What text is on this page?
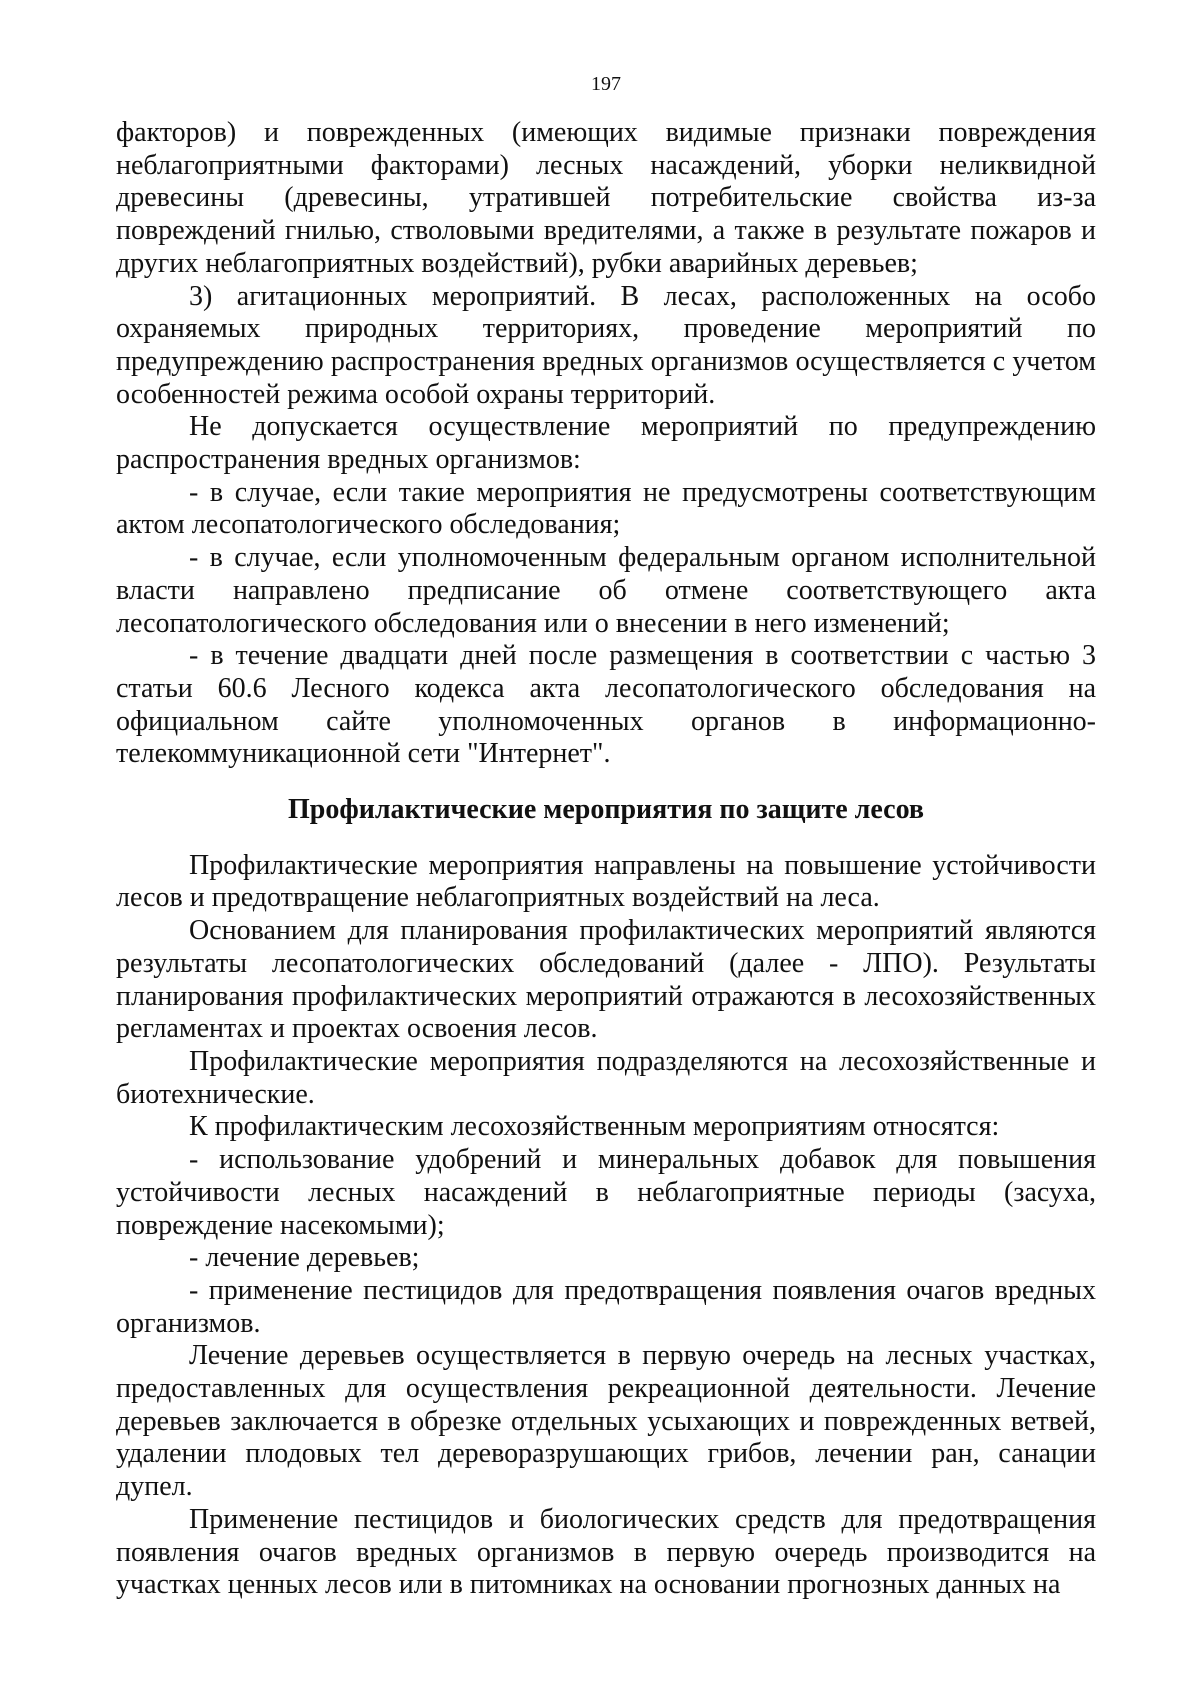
197

факторов) и поврежденных (имеющих видимые признаки повреждения неблагоприятными факторами) лесных насаждений, уборки неликвидной древесины (древесины, утратившей потребительские свойства из-за повреждений гнилью, стволовыми вредителями, а также в результате пожаров и других неблагоприятных воздействий), рубки аварийных деревьев;

3) агитационных мероприятий. В лесах, расположенных на особо охраняемых природных территориях, проведение мероприятий по предупреждению распространения вредных организмов осуществляется с учетом особенностей режима особой охраны территорий.

Не допускается осуществление мероприятий по предупреждению распространения вредных организмов:

- в случае, если такие мероприятия не предусмотрены соответствующим актом лесопатологического обследования;

- в случае, если уполномоченным федеральным органом исполнительной власти направлено предписание об отмене соответствующего акта лесопатологического обследования или о внесении в него изменений;

- в течение двадцати дней после размещения в соответствии с частью 3 статьи 60.6 Лесного кодекса акта лесопатологического обследования на официальном сайте уполномоченных органов в информационно-телекоммуникационной сети "Интернет".

Профилактические мероприятия по защите лесов

Профилактические мероприятия направлены на повышение устойчивости лесов и предотвращение неблагоприятных воздействий на леса.

Основанием для планирования профилактических мероприятий являются результаты лесопатологических обследований (далее - ЛПО). Результаты планирования профилактических мероприятий отражаются в лесохозяйственных регламентах и проектах освоения лесов.

Профилактические мероприятия подразделяются на лесохозяйственные и биотехнические.

К профилактическим лесохозяйственным мероприятиям относятся:

- использование удобрений и минеральных добавок для повышения устойчивости лесных насаждений в неблагоприятные периоды (засуха, повреждение насекомыми);

- лечение деревьев;

- применение пестицидов для предотвращения появления очагов вредных организмов.

Лечение деревьев осуществляется в первую очередь на лесных участках, предоставленных для осуществления рекреационной деятельности. Лечение деревьев заключается в обрезке отдельных усыхающих и поврежденных ветвей, удалении плодовых тел дереворазрушающих грибов, лечении ран, санации дупел.

Применение пестицидов и биологических средств для предотвращения появления очагов вредных организмов в первую очередь производится на участках ценных лесов или в питомниках на основании прогнозных данных на
